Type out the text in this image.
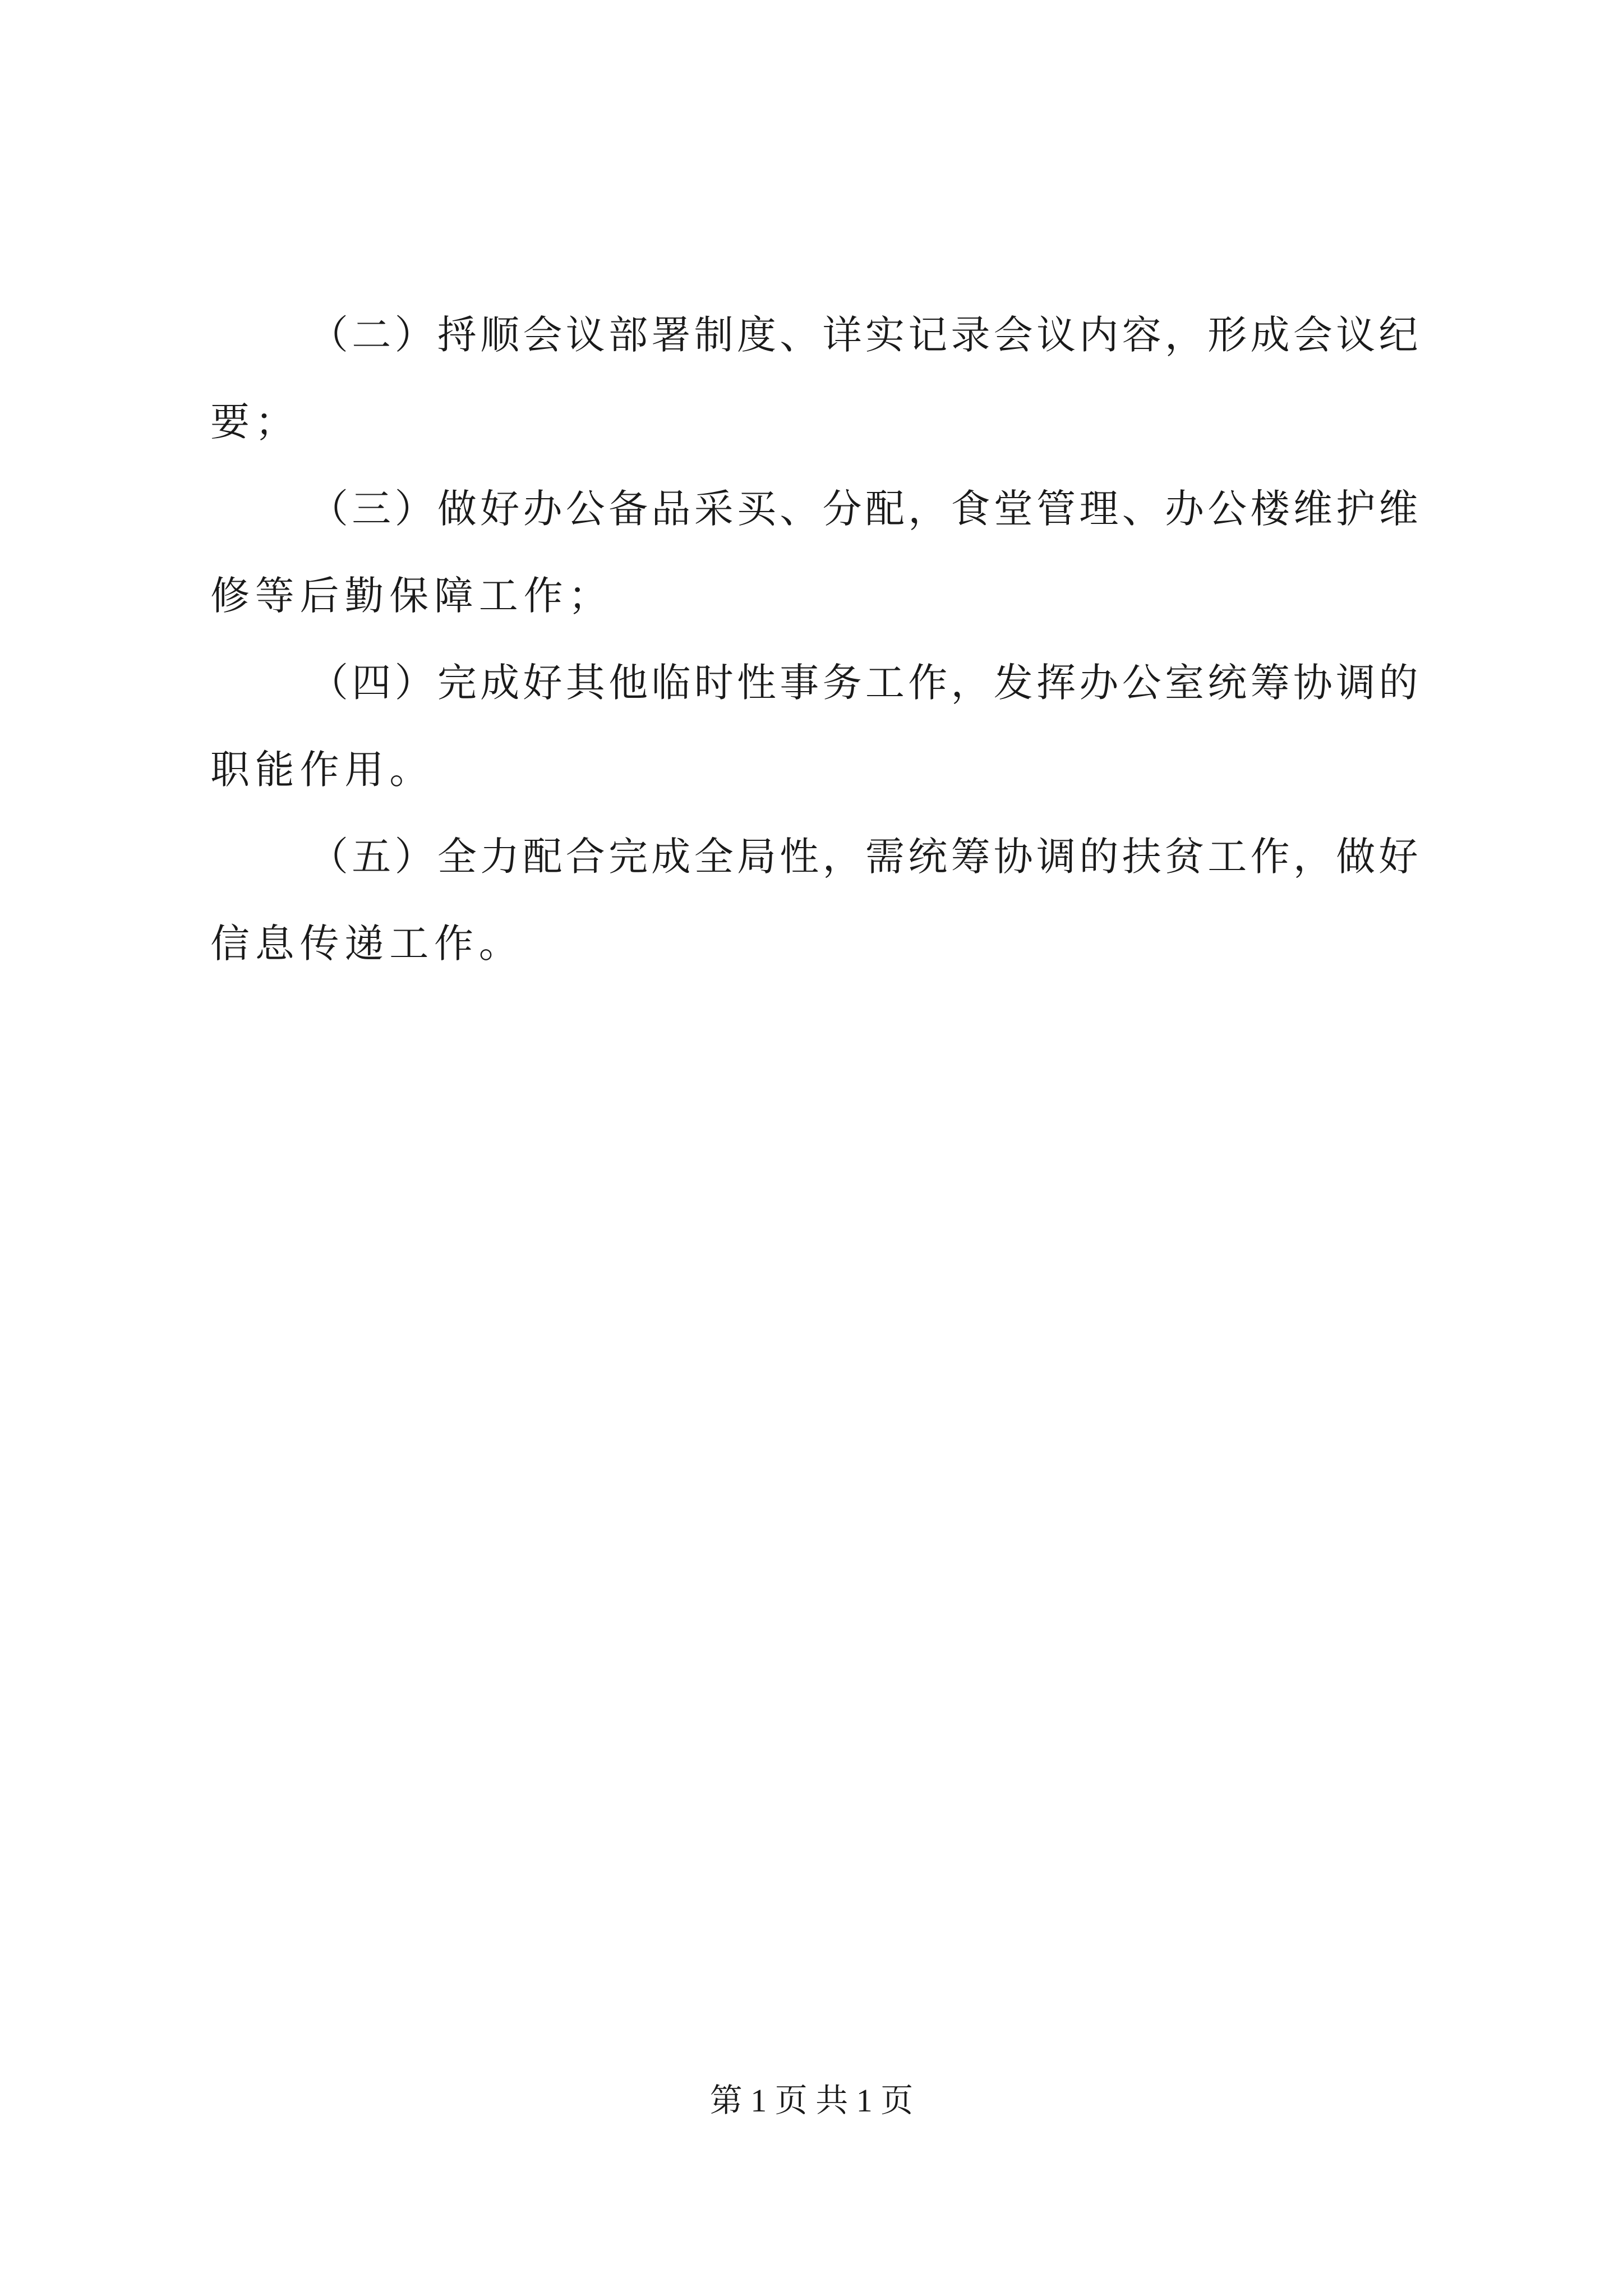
（二）捋顺会议部署制度、详实记录会议内容，形成会议纪
要；

（三）做好办公备品采买、分配，食堂管理、办公楼维护维
修等后勤保障工作；

（四）完成好其他临时性事务工作，发挥办公室统筹协调的
职能作用。

（五）全力配合完成全局性，需统筹协调的扶贫工作，做好
信息传递工作。

第 1 页 共 1 页
